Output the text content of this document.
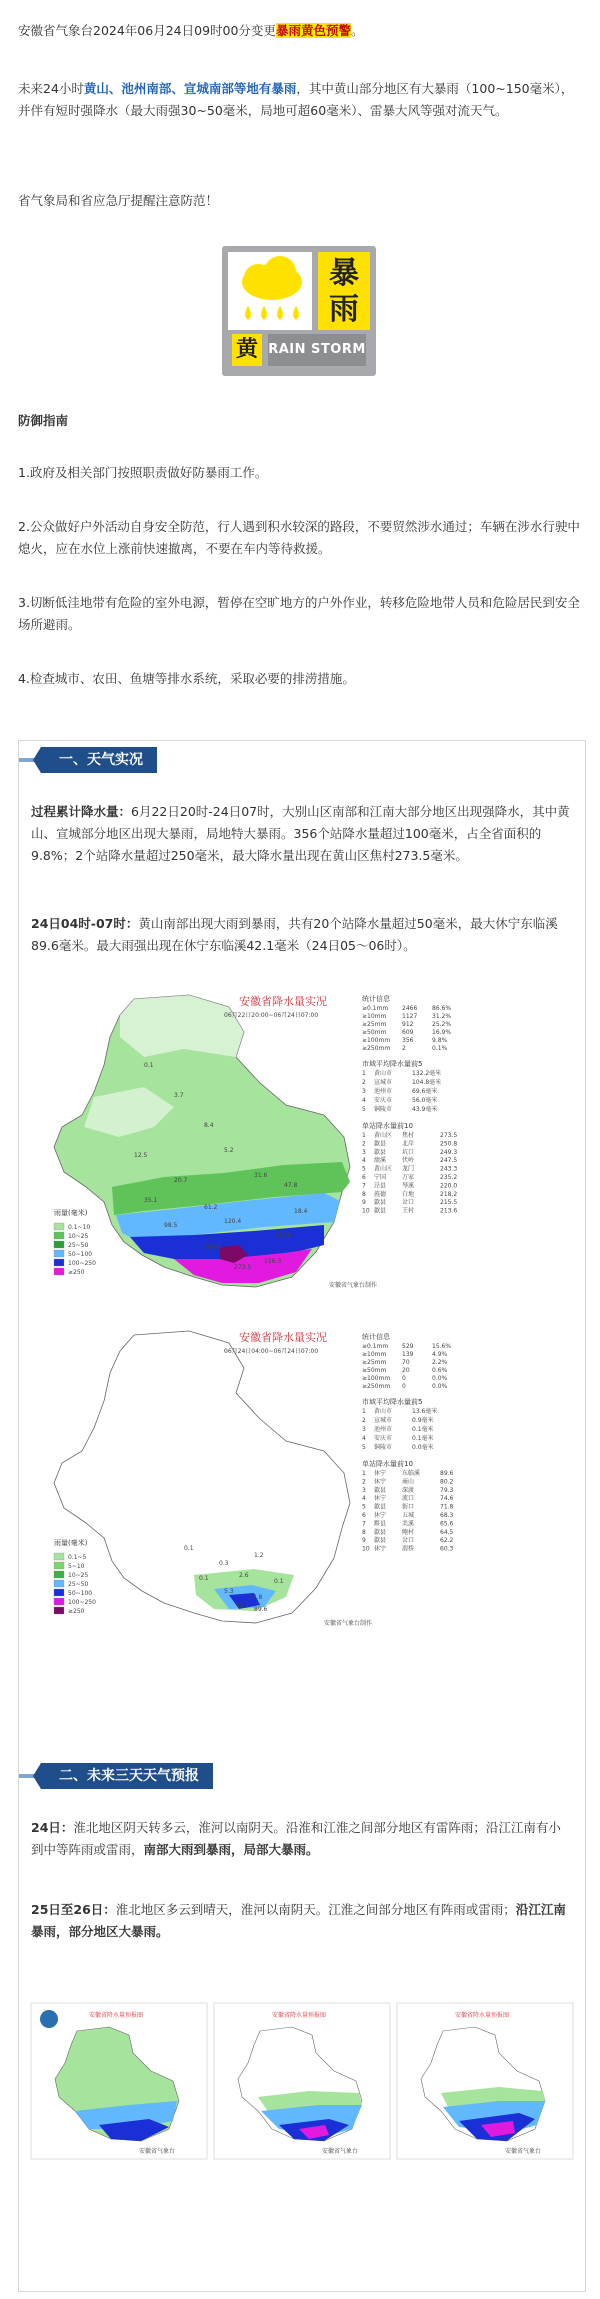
安徽省气象台2024年06月24日09时00分变更暴雨黄色预警。

未来24小时黄山、池州南部、宣城南部等地有暴雨，其中黄山部分地区有大暴雨（100~150毫米），并伴有短时强降水（最大雨强30~50毫米，局地可超60毫米）、雷暴大风等强对流天气。

省气象局和省应急厅提醒注意防范！

暴
雨
黄 RAIN STORM

防御指南

1.政府及相关部门按照职责做好防暴雨工作。

2.公众做好户外活动自身安全防范，行人遇到积水较深的路段，不要贸然涉水通过；车辆在涉水行驶中熄火，应在水位上涨前快速撤离，不要在车内等待救援。

3.切断低洼地带有危险的室外电源，暂停在空旷地方的户外作业，转移危险地带人员和危险居民到安全场所避雨。

4.检查城市、农田、鱼塘等排水系统，采取必要的排涝措施。

一、天气实况

过程累计降水量：6月22日20时-24日07时，大别山区南部和江南大部分地区出现强降水，其中黄山、宣城部分地区出现大暴雨，局地特大暴雨。356个站降水量超过100毫米，占全省面积的9.8%；2个站降水量超过250毫米，最大降水量出现在黄山区焦村273.5毫米。

24日04时-07时：黄山南部出现大雨到暴雨，共有20个站降水量超过50毫米，最大休宁东临溪89.6毫米。最大雨强出现在休宁东临溪42.1毫米（24日05～06时）。

安徽省降水量实况
06月22日20:00~06月24日07:00
雨量(毫米)
0.1~10
10~25
25~50
50~100
100~250
≥250
0.1
3.7
8.4
12.5
5.2
20.7
31.6
47.8
35.1
61.2
18.4
98.5
120.4
143.6
209.5
273.5
156.3
安徽省气象台制作
统计信息
≥0.1mm 2466 86.6%
≥10mm	1127 31.2%
≥25mm	912	25.2%
≥50mm	609	16.9%
≥100mm 356	9.8%
≥250mm 2	0.1%
市域平均降水量前5
1 黄山市	132.2毫米
2 宣城市	104.8毫米
3 池州市	69.6毫米
4 安庆市	56.0毫米
5 铜陵市	43.9毫米
单站降水量前10
1 黄山区 焦村	273.5
2 歙县	北岸	250.8
3 歙县	坑口	249.3
4 绩溪	伏岭	247.5
5 黄山区 龙门	243.3
6 宁国	万家	235.2
7 泾县	琴溪	220.0
8 旌德	白地	218.2
9 歙县	岔口	215.5
10 歙县	王村	213.6
安徽省降水量实况
06月24日04:00~06月24日07:00
雨量(毫米)
0.1~5
5~10
10~25
25~50
50~100
100~250
≥250
0.1
0.3
1.2
0.1	2.6
0.1
5.3
14.8
42.1
89.6
安徽省气象台制作
统计信息
≥0.1mm 529	15.6%
≥10mm	139	4.9%
≥25mm	70	2.2%
≥50mm	20	0.6%
≥100mm 0	0.0%
≥250mm 0	0.0%
市域平均降水量前5
1 黄山市	13.6毫米
2 宣城市	0.9毫米
3 池州市	0.1毫米
4 安庆市	0.1毫米
5 铜陵市	0.0毫米
单站降水量前10
1 休宁	东临溪	89.6
2 休宁	商山	80.2
3 歙县	深渡	79.3
4 休宁	流口	74.6
5 歙县	街口	71.8
6 休宁	五城	68.3
7 黟县	美溪	65.6
8 歙县	鲍村	64.5
9 歙县	岔口	62.2
10 休宁	渭桥	60.3
二、未来三天天气预报

24日：淮北地区阴天转多云，淮河以南阴天。沿淮和江淮之间部分地区有雷阵雨；沿江江南有小到中等阵雨或雷雨，南部大雨到暴雨，局部大暴雨。

25日至26日：淮北地区多云到晴天，淮河以南阴天。江淮之间部分地区有阵雨或雷雨；沿江江南暴雨，部分地区大暴雨。

安徽省降水量预报图
安徽省气象台
安徽省降水量预报图
安徽省气象台
安徽省降水量预报图
安徽省气象台
